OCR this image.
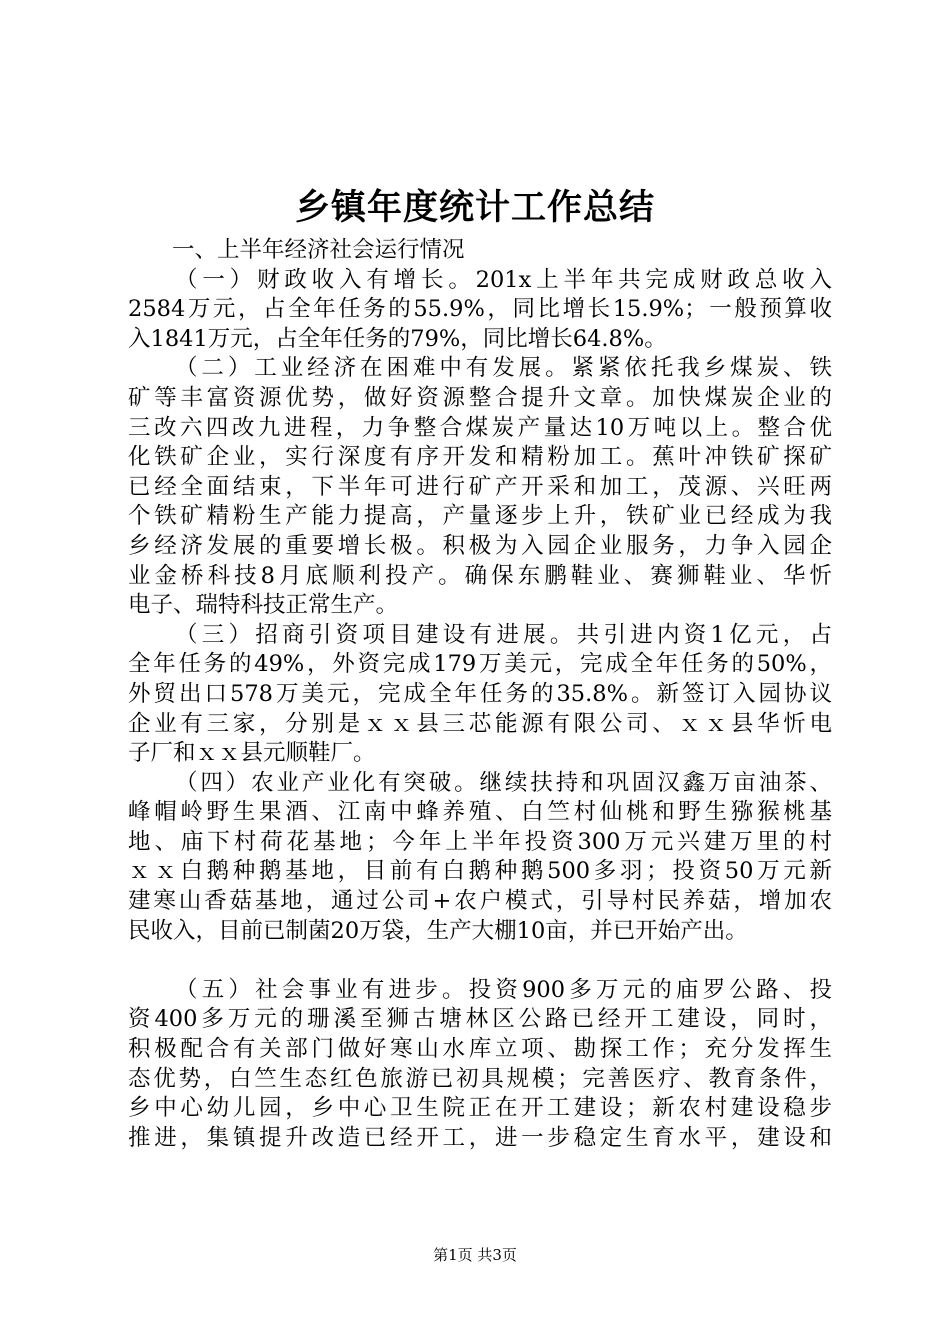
乡镇年度统计工作总结
一、上半年经济社会运行情况
（一）财政收入有增长。201x上半年共完成财政总收入
2584万元，占全年任务的55.9%，同比增长15.9%；一般预算收
入1841万元，占全年任务的79%，同比增长64.8%。
（二）工业经济在困难中有发展。紧紧依托我乡煤炭、铁
矿等丰富资源优势，做好资源整合提升文章。加快煤炭企业的
三改六四改九进程，力争整合煤炭产量达10万吨以上。整合优
化铁矿企业，实行深度有序开发和精粉加工。蕉叶冲铁矿探矿
已经全面结束，下半年可进行矿产开采和加工，茂源、兴旺两
个铁矿精粉生产能力提高，产量逐步上升，铁矿业已经成为我
乡经济发展的重要增长极。积极为入园企业服务，力争入园企
业金桥科技8月底顺利投产。确保东鹏鞋业、赛狮鞋业、华忻
电子、瑞特科技正常生产。
（三）招商引资项目建设有进展。共引进内资1亿元，占
全年任务的49%，外资完成179万美元，完成全年任务的50%，
外贸出口578万美元，完成全年任务的35.8%。新签订入园协议
企业有三家，分别是ｘｘ县三芯能源有限公司、ｘｘ县华忻电
子厂和ｘｘ县元顺鞋厂。
（四）农业产业化有突破。继续扶持和巩固汉鑫万亩油茶、
峰帽岭野生果酒、江南中蜂养殖、白竺村仙桃和野生猕猴桃基
地、庙下村荷花基地；今年上半年投资300万元兴建万里的村
ｘｘ白鹅种鹅基地，目前有白鹅种鹅500多羽；投资50万元新
建寒山香菇基地，通过公司+农户模式，引导村民养菇，增加农
民收入，目前已制菌20万袋，生产大棚10亩，并已开始产出。
（五）社会事业有进步。投资900多万元的庙罗公路、投
资400多万元的珊溪至狮古塘林区公路已经开工建设，同时，
积极配合有关部门做好寒山水库立项、勘探工作；充分发挥生
态优势，白竺生态红色旅游已初具规模；完善医疗、教育条件，
乡中心幼儿园，乡中心卫生院正在开工建设；新农村建设稳步
推进，集镇提升改造已经开工，进一步稳定生育水平，建设和
第1页 共3页
